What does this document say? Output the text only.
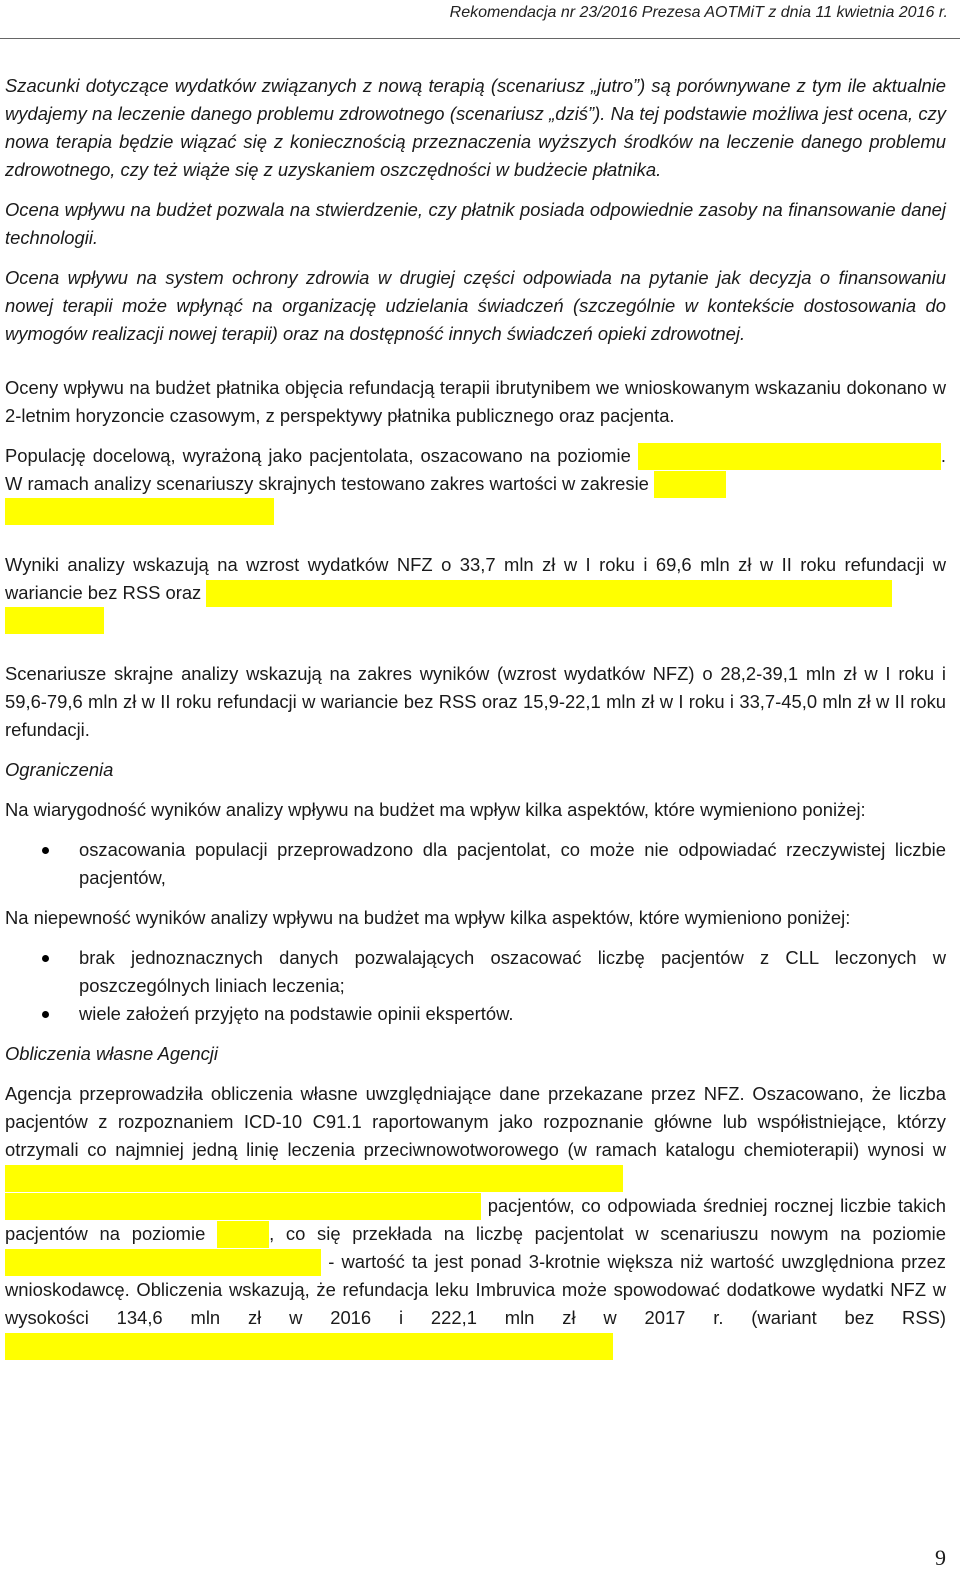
Rekomendacja nr 23/2016 Prezesa AOTMiT z dnia 11 kwietnia 2016 r.

Szacunki dotyczące wydatków związanych z nową terapią (scenariusz „jutro”) są porównywane z tym ile aktualnie wydajemy na leczenie danego problemu zdrowotnego (scenariusz „dziś”). Na tej podstawie możliwa jest ocena, czy nowa terapia będzie wiązać się z koniecznością przeznaczenia wyższych środków na leczenie danego problemu zdrowotnego, czy też wiąże się z uzyskaniem oszczędności w budżecie płatnika.

Ocena wpływu na budżet pozwala na stwierdzenie, czy płatnik posiada odpowiednie zasoby na finansowanie danej technologii.

Ocena wpływu na system ochrony zdrowia w drugiej części odpowiada na pytanie jak decyzja o finansowaniu nowej terapii może wpłynąć na organizację udzielania świadczeń (szczególnie w kontekście dostosowania do wymogów realizacji nowej terapii) oraz na dostępność innych świadczeń opieki zdrowotnej.

Oceny wpływu na budżet płatnika objęcia refundacją terapii ibrutynibem we wnioskowanym wskazaniu dokonano w 2-letnim horyzoncie czasowym, z perspektywy płatnika publicznego oraz pacjenta.

Populację docelową, wyrażoną jako pacjentolata, oszacowano na poziomie	. W ramach analizy scenariuszy skrajnych testowano zakres wartości w zakresie

Wyniki analizy wskazują na wzrost wydatków NFZ o 33,7 mln zł w I roku i 69,6 mln zł w II roku refundacji w wariancie bez RSS oraz

Scenariusze skrajne analizy wskazują na zakres wyników (wzrost wydatków NFZ) o 28,2-39,1 mln zł w I roku i 59,6-79,6 mln zł w II roku refundacji w wariancie bez RSS oraz 15,9-22,1 mln zł w I roku i 33,7-45,0 mln zł w II roku refundacji.

Ograniczenia

Na wiarygodność wyników analizy wpływu na budżet ma wpływ kilka aspektów, które wymieniono poniżej:

oszacowania populacji przeprowadzono dla pacjentolat, co może nie odpowiadać rzeczywistej liczbie pacjentów,

Na niepewność wyników analizy wpływu na budżet ma wpływ kilka aspektów, które wymieniono poniżej:

brak jednoznacznych danych pozwalających oszacować liczbę pacjentów z CLL leczonych w poszczególnych liniach leczenia;
wiele założeń przyjęto na podstawie opinii ekspertów.

Obliczenia własne Agencji

Agencja przeprowadziła obliczenia własne uwzględniające dane przekazane przez NFZ. Oszacowano, że liczba pacjentów z rozpoznaniem ICD-10 C91.1 raportowanym jako rozpoznanie główne lub współistniejące, którzy otrzymali co najmniej jedną linię leczenia przeciwnowotworowego (w ramach katalogu chemioterapii) wynosi w  pacjentów, co odpowiada średniej rocznej liczbie takich pacjentów na poziomie	, co się przekłada na liczbę pacjentolat w scenariuszu nowym na poziomie  - wartość ta jest ponad 3-krotnie większa niż wartość uwzględniona przez wnioskodawcę. Obliczenia wskazują, że refundacja leku Imbruvica może spowodować dodatkowe wydatki NFZ w wysokości 134,6 mln zł w 2016 i 222,1 mln zł w 2017 r. (wariant bez RSS)

9
